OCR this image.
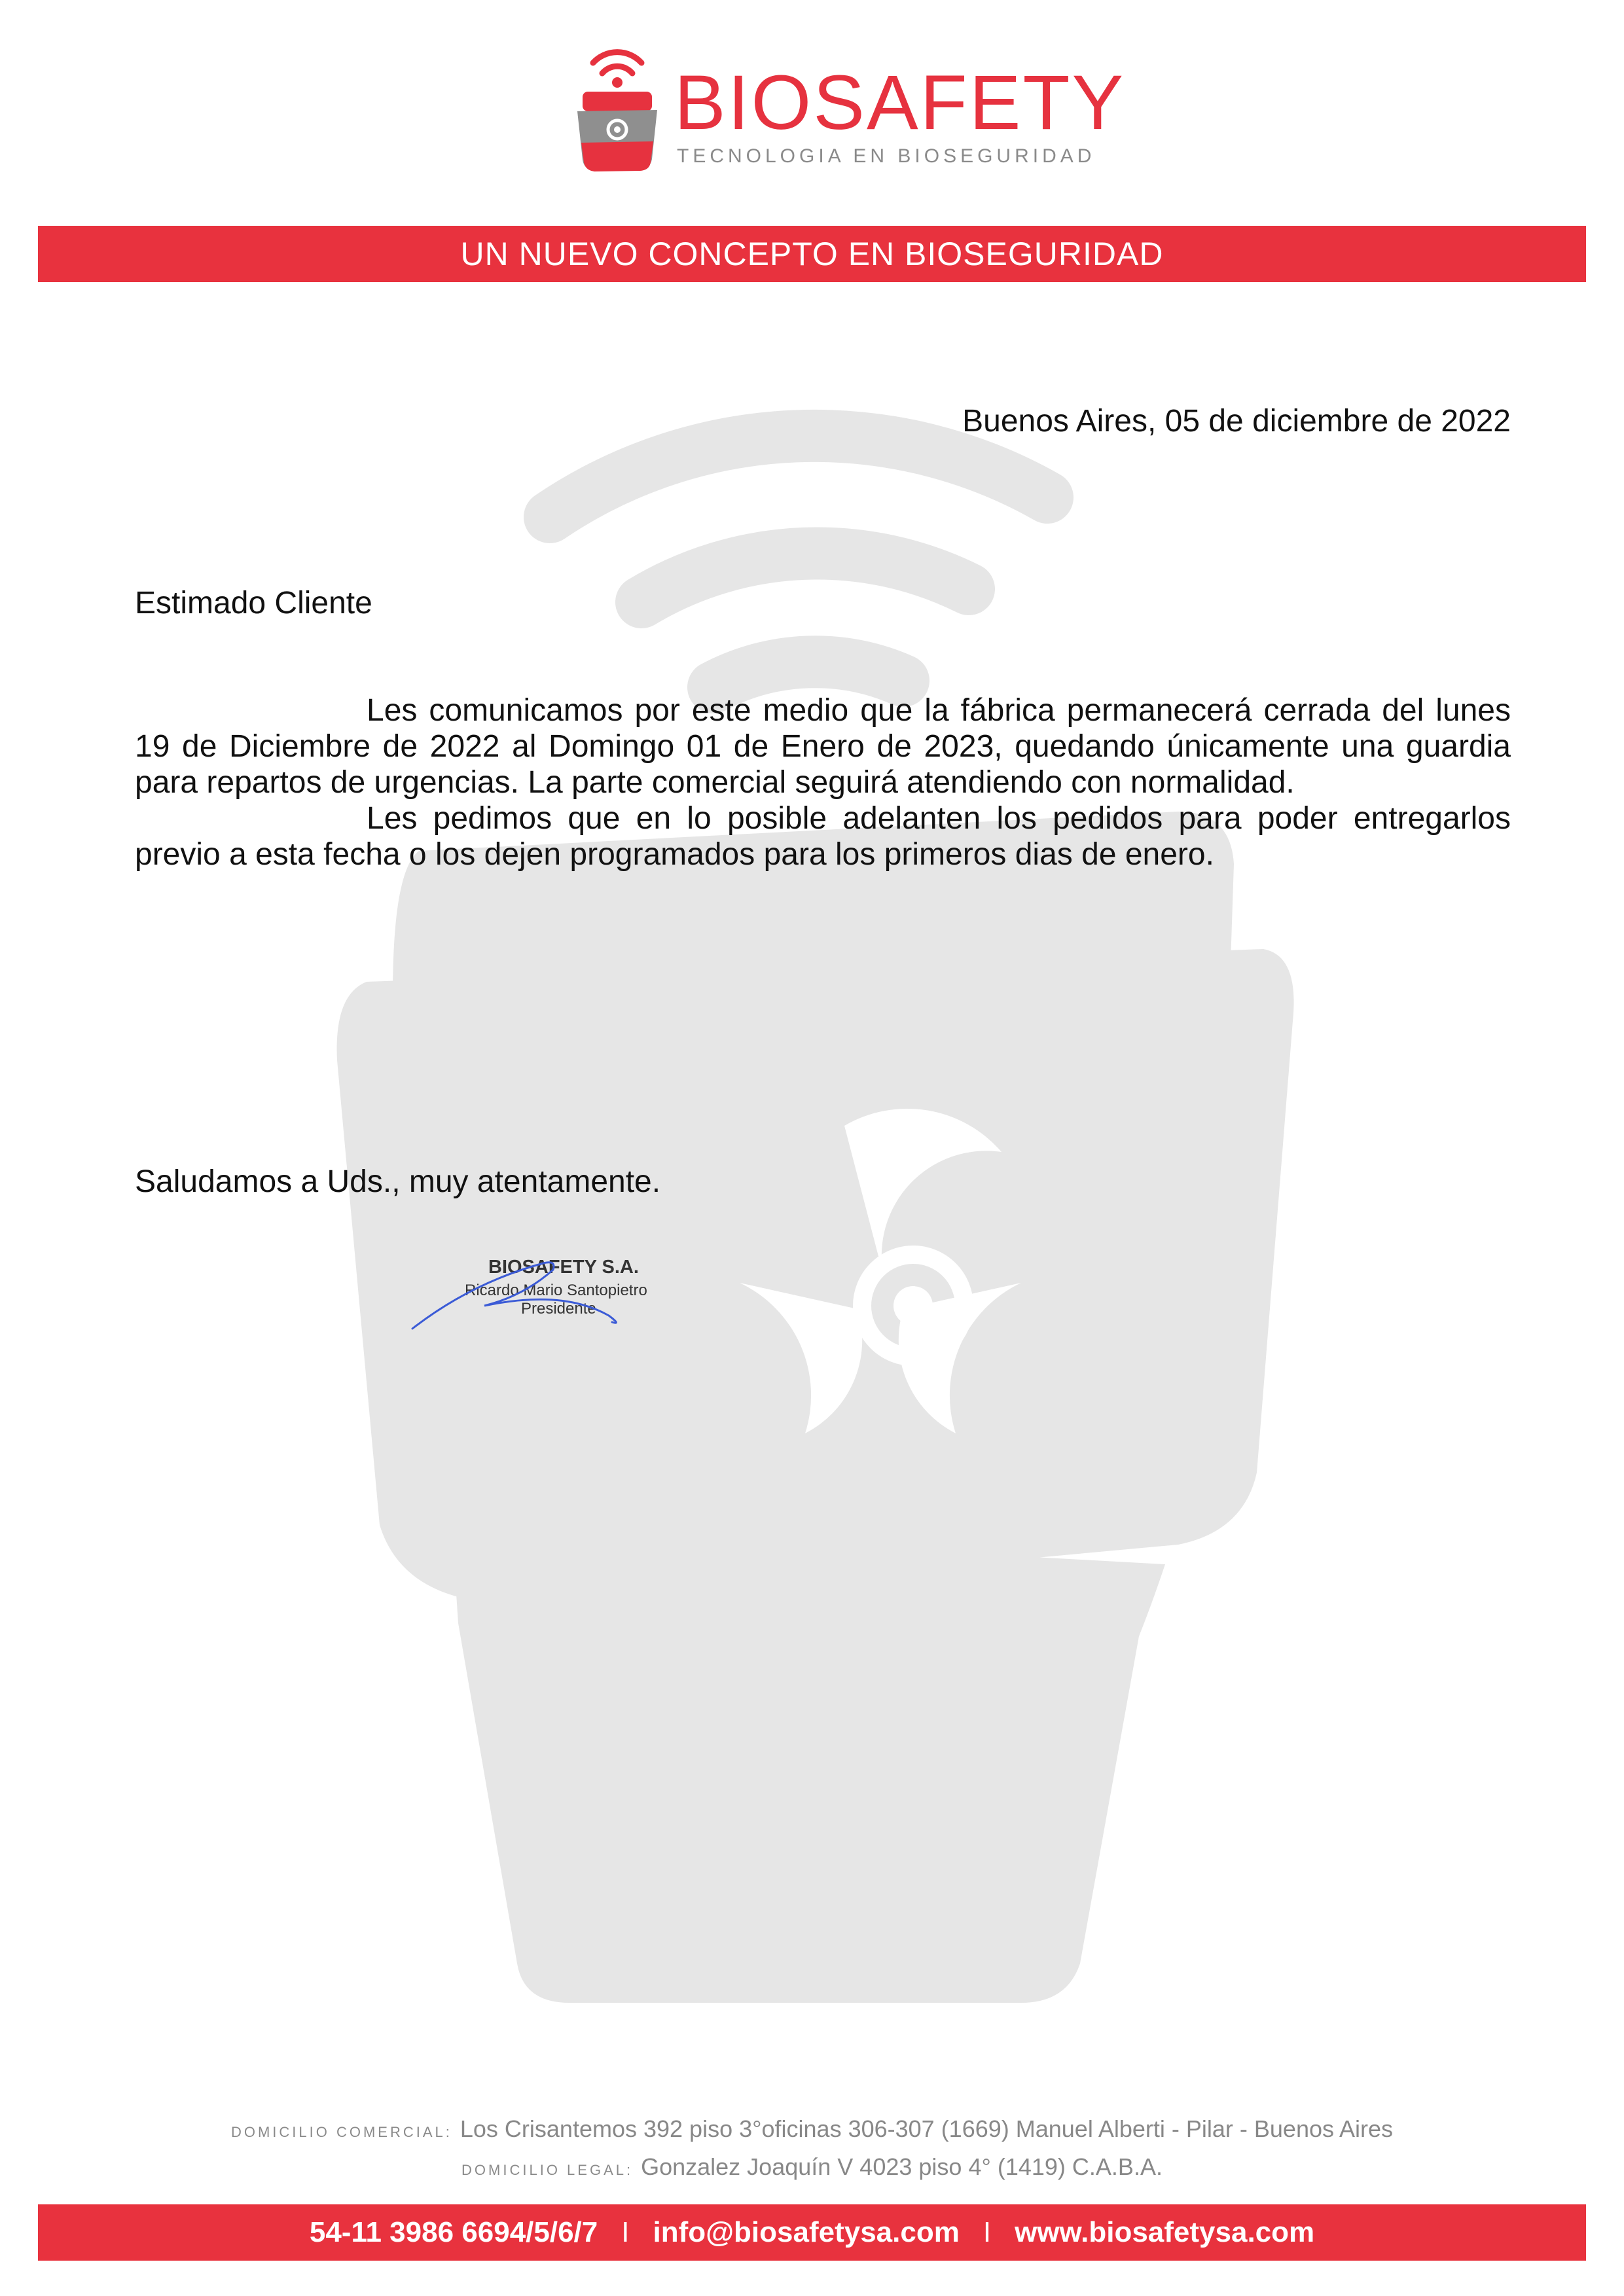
BIOSAFETY
TECNOLOGIA EN BIOSEGURIDAD
UN NUEVO CONCEPTO EN BIOSEGURIDAD
Buenos Aires, 05 de diciembre de 2022
Estimado Cliente

Les comunicamos por este medio que la fábrica permanecerá cerrada del lunes 19 de Diciembre de 2022 al Domingo 01 de Enero de 2023, quedando únicamente una guardia para repartos de urgencias. La parte comercial seguirá atendiendo con normalidad.

Les pedimos que en lo posible adelanten los pedidos para poder entregarlos previo a esta fecha o los dejen programados para los primeros dias de enero.

Saludamos a Uds., muy atentamente.
BIOSAFETY S.A.
Ricardo Mario Santopietro
Presidente
DOMICILIO COMERCIAL: Los Crisantemos 392 piso 3°oficinas 306-307 (1669) Manuel Alberti - Pilar - Buenos Aires
DOMICILIO LEGAL: Gonzalez Joaquín V 4023 piso 4° (1419) C.A.B.A.
54-11 3986 6694/5/6/7 I info@biosafetysa.com I www.biosafetysa.com
